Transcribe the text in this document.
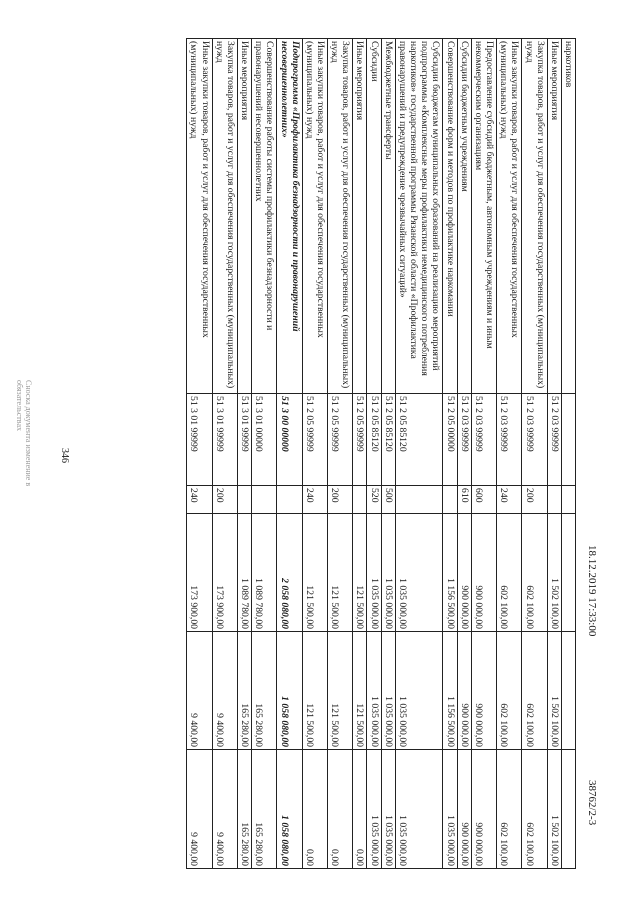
346
наркотиков					
Иные мероприятия	51 2 03 99999		1 502 100,00	1 502 100,00	1 502 100,00
Закупка товаров, работ и услуг для обеспечения государственных (муниципальных) нужд	51 2 03 99999	200	602 100,00	602 100,00	602 100,00
Иные закупки товаров, работ и услуг для обеспечения государственных (муниципальных) нужд	51 2 03 99999	240	602 100,00	602 100,00	602 100,00
Предоставление субсидий бюджетным, автономным учреждениям и иным некоммерческим организациям	51 2 03 99999	600	900 000,00	900 000,00	900 000,00
Субсидии бюджетным учреждениям	51 2 03 99999	610	900 000,00	900 000,00	900 000,00
Совершенствование форм и методов по профилактике наркомании	51 2 05 00000		1 156 500,00	1 156 500,00	1 035 000,00
Субсидии бюджетам муниципальных образований на реализацию мероприятий подпрограммы «Комплексные меры профилактики немедицинского потребления наркотиков» государственной программы Рязанской области «Профилактика правонарушений и предупреждение чрезвычайных ситуаций»	51 2 05 85120		1 035 000,00	1 035 000,00	1 035 000,00
Межбюджетные трансферты	51 2 05 85120	500	1 035 000,00	1 035 000,00	1 035 000,00
Субсидии	51 2 05 85120	520	1 035 000,00	1 035 000,00	1 035 000,00
Иные мероприятия	51 2 05 99999		121 500,00	121 500,00	0,00
Закупка товаров, работ и услуг для обеспечения государственных (муниципальных) нужд	51 2 05 99999	200	121 500,00	121 500,00	0,00
Иные закупки товаров, работ и услуг для обеспечения государственных (муниципальных) нужд	51 2 05 99999	240	121 500,00	121 500,00	0,00
Подпрограмма «Профилактика безнадзорности и правонарушений несовершеннолетних»	51 3 00 00000		2 058 080,00	1 058 080,00	1 058 080,00
Совершенствование работы системы профилактики безнадзорности и правонарушений несовершеннолетних	51 3 01 00000		1 089 780,00	165 280,00	165 280,00
Иные мероприятия	51 3 01 99999		1 089 780,00	165 280,00	165 280,00
Закупка товаров, работ и услуг для обеспечения государственных (муниципальных) нужд	51 3 01 99999	200	173 900,00	9 400,00	9 400,00
Иные закупки товаров, работ и услуг для обеспечения государственных (муниципальных) нужд	51 3 01 99999	240	173 900,00	9 400,00	9 400,00
Сноска документа изменение в
обязательствах
18.12.2019 17:33:00
38762/2-3
